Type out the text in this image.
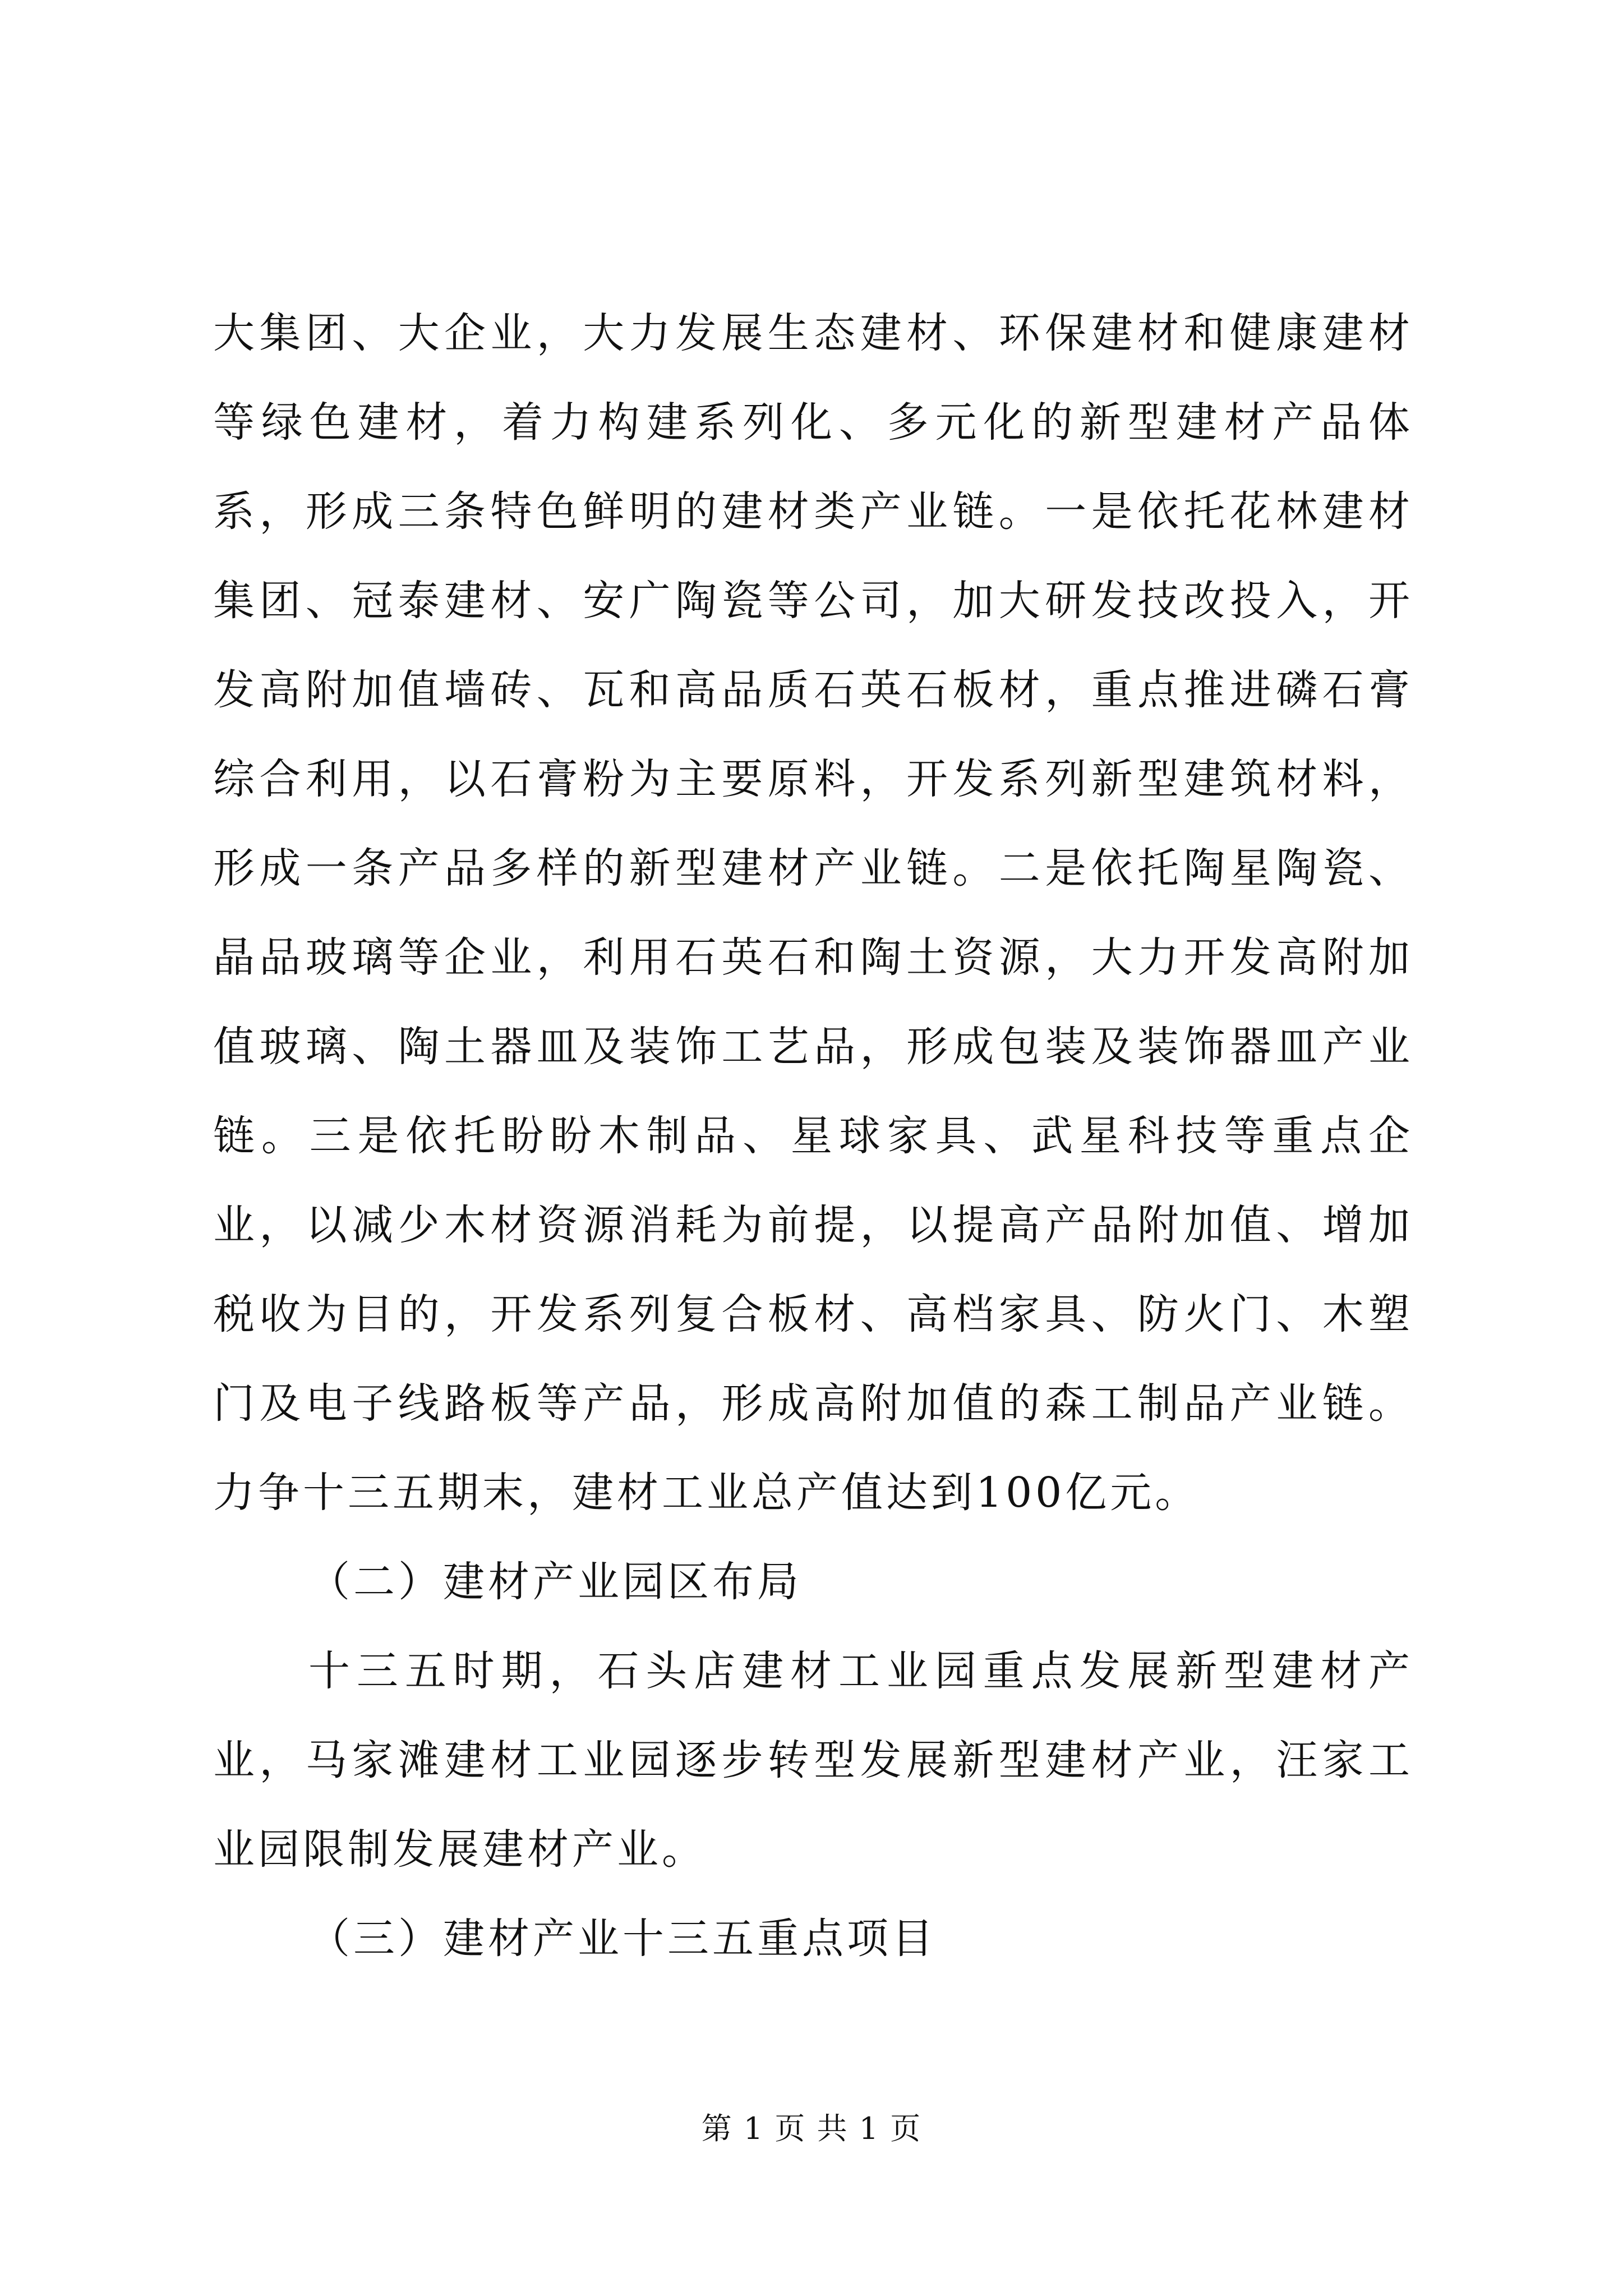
大集团、大企业，大力发展生态建材、环保建材和健康建材等绿色建材，着力构建系列化、多元化的新型建材产品体系，形成三条特色鲜明的建材类产业链。一是依托花林建材集团、冠泰建材、安广陶瓷等公司，加大研发技改投入，开发高附加值墙砖、瓦和高品质石英石板材，重点推进磷石膏综合利用，以石膏粉为主要原料，开发系列新型建筑材料，形成一条产品多样的新型建材产业链。二是依托陶星陶瓷、晶品玻璃等企业，利用石英石和陶土资源，大力开发高附加值玻璃、陶土器皿及装饰工艺品，形成包装及装饰器皿产业链。三是依托盼盼木制品、星球家具、武星科技等重点企业，以减少木材资源消耗为前提，以提高产品附加值、增加税收为目的，开发系列复合板材、高档家具、防火门、木塑门及电子线路板等产品，形成高附加值的森工制品产业链。力争十三五期末，建材工业总产值达到100亿元。

（二）建材产业园区布局

十三五时期，石头店建材工业园重点发展新型建材产业，马家滩建材工业园逐步转型发展新型建材产业，汪家工业园限制发展建材产业。

（三）建材产业十三五重点项目

第 1 页 共 1 页
